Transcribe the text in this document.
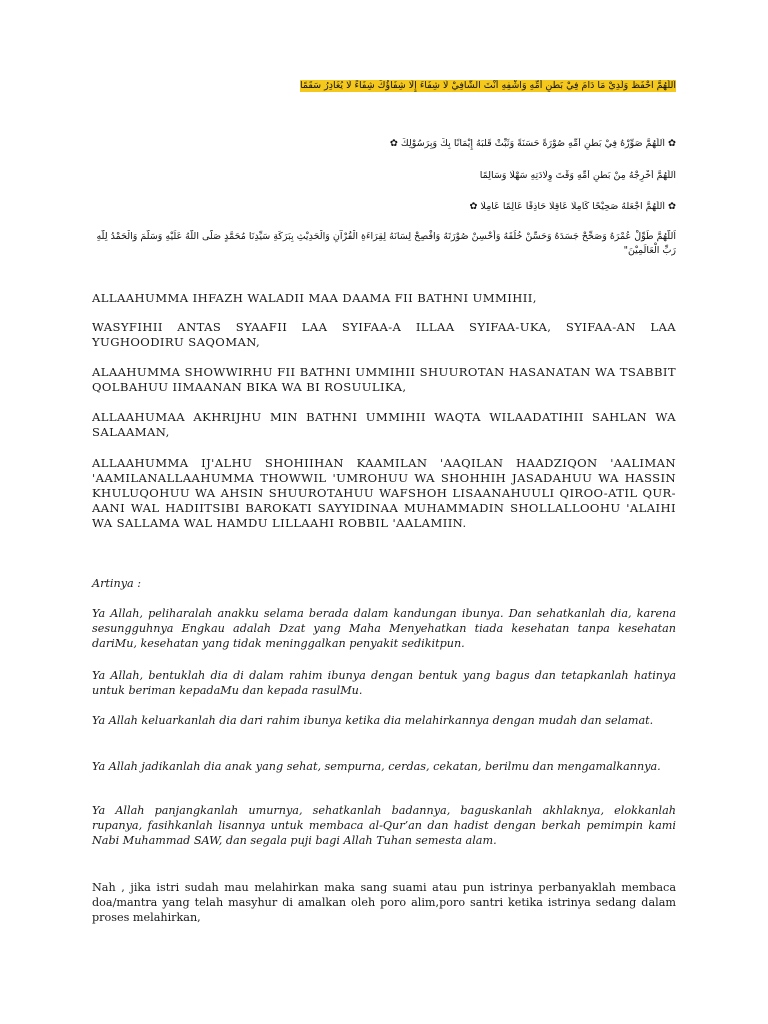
اَللّٰهُمَّ احْفَظْ وَلَدِيْ مَا دَامَ فِيْ بَطْنِ أُمِّهِ وَاشْفِهِ أَنْتَ الشَّافِيْ لَا شِفَاءَ إِلَّا شِفَاؤُكَ شِفَاءً لَا يُغَادِرُ سَقَمًا
✿ اَللّٰهُمَّ صَوِّرْهُ فِيْ بَطْنِ أُمِّهِ صُوْرَةً حَسَنَةً وَثَبِّتْ قَلْبَهُ إِيْمَانًا بِكَ وَبِرَسُوْلِكَ ✿
اَللّٰهُمَّ أَخْرِجْهُ مِنْ بَطْنِ أُمِّهِ وَقْتَ وِلَادَتِهِ سَهْلًا وَسَالِمًا
✿ اَللّٰهُمَّ اجْعَلْهُ صَحِيْحًا كَامِلًا عَاقِلًا حَاذِقًا عَالِمًا عَامِلًا ✿
اَللّٰهُمَّ طَوِّلْ عُمْرَهُ وَصَحِّحْ جَسَدَهُ وَحَسِّنْ خُلُقَهُ وَأَحْسِنْ صُوْرَتَهُ وَافْصِحْ لِسَانَهُ لِقِرَاءَةِ الْقُرْآنِ وَالْحَدِيْثِ بِبَرَكَةِ سَيِّدِنَا مُحَمَّدٍ صَلَّى اللّٰهُ عَلَيْهِ وَسَلَّمَ وَالْحَمْدُ لِلّٰهِ رَبِّ الْعَالَمِيْنَ"

ALLAAHUMMA IHFAZH WALADII MAA DAAMA FII BATHNI UMMIHII,

WASYFIHII ANTAS SYAAFII LAA SYIFAA-A ILLAA SYIFAA-UKA, SYIFAA-AN LAA YUGHOODIRU SAQOMAN,

ALAAHUMMA SHOWWIRHU FII BATHNI UMMIHII SHUUROTAN HASANATAN WA TSABBIT QOLBAHUU IIMAANAN BIKA WA BI ROSUULIKA,

ALLAAHUMAA AKHRIJHU MIN BATHNI UMMIHII WAQTA WILAADATIHII SAHLAN WA SALAAMAN,

ALLAAHUMMA IJ'ALHU SHOHIIHAN KAAMILAN 'AAQILAN HAADZIQON 'AALIMAN 'AAMILANALLAAHUMMA THOWWIL 'UMROHUU WA SHOHHIH JASADAHUU WA HASSIN KHULUQOHUU WA AHSIN SHUUROTAHUU WAFSHOH LISAANAHUULI QIROO-ATIL QUR-AANI WAL HADIITSIBI BAROKATI SAYYIDINAA MUHAMMADIN SHOLLALLOOHU 'ALAIHI WA SALLAMA WAL HAMDU LILLAAHI ROBBIL 'AALAMIIN.

Artinya :

Ya Allah, peliharalah anakku selama berada dalam kandungan ibunya. Dan sehatkanlah dia, karena sesungguhnya Engkau adalah Dzat yang Maha Menyehatkan tiada kesehatan tanpa kesehatan dariMu, kesehatan yang tidak meninggalkan penyakit sedikitpun.

Ya Allah, bentuklah dia di dalam rahim ibunya dengan bentuk yang bagus dan tetapkanlah hatinya untuk beriman kepadaMu dan kepada rasulMu.

Ya Allah keluarkanlah dia dari rahim ibunya ketika dia melahirkannya dengan mudah dan selamat.

Ya Allah jadikanlah dia anak yang sehat, sempurna, cerdas, cekatan, berilmu dan mengamalkannya.

Ya Allah panjangkanlah umurnya, sehatkanlah badannya, baguskanlah akhlaknya, elokkanlah rupanya, fasihkanlah lisannya untuk membaca al-Qur’an dan hadist dengan berkah pemimpin kami Nabi Muhammad SAW, dan segala puji bagi Allah Tuhan semesta alam.

Nah , jika istri sudah mau melahirkan maka sang suami atau pun istrinya perbanyaklah membaca doa/mantra yang telah masyhur di amalkan oleh poro alim,poro santri ketika istrinya sedang dalam proses melahirkan,
